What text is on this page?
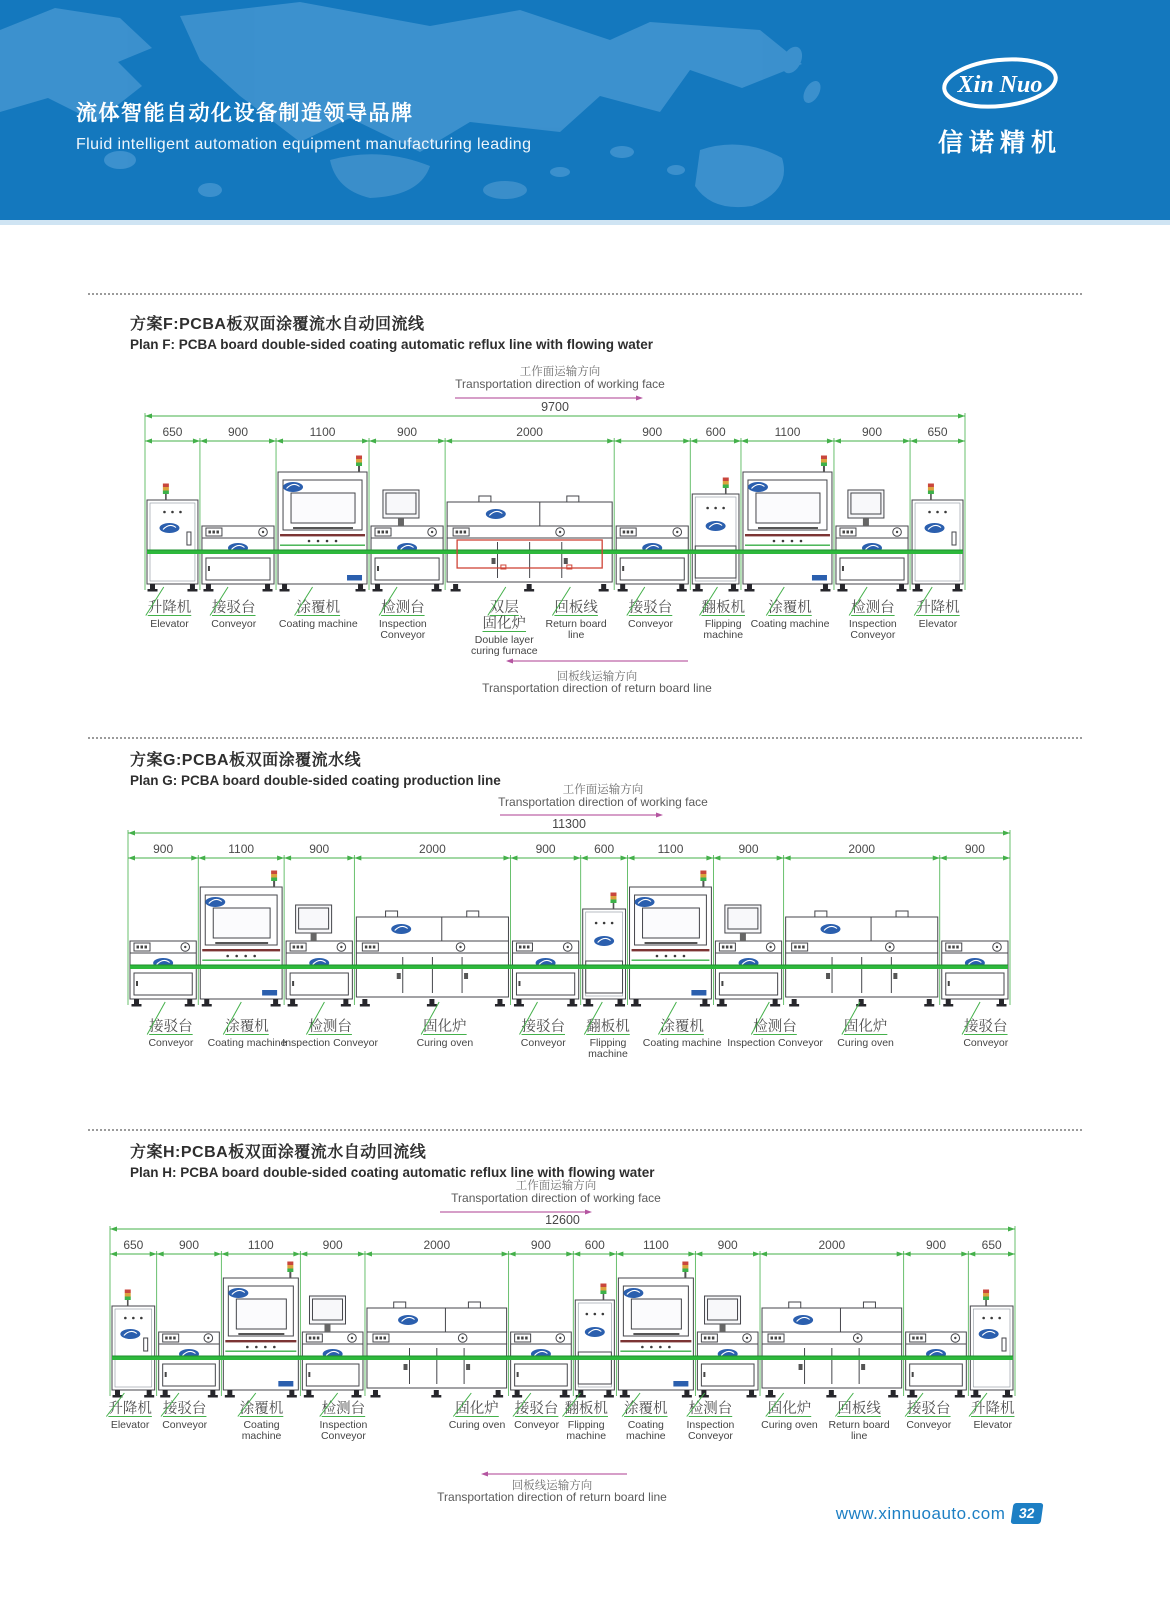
流体智能自动化设备制造领导品牌
Fluid intelligent automation equipment manufacturing leading
Xin Nuo
信诺精机
方案F:PCBA板双面涂覆流水自动回流线
Plan F: PCBA board double-sided coating automatic reflux line with flowing water
方案G:PCBA板双面涂覆流水线
Plan G: PCBA board double-sided coating production line
方案H:PCBA板双面涂覆流水自动回流线
Plan H: PCBA board double-sided coating automatic reflux line with flowing water
工作面运输方向
Transportation direction of working face
9700
650	900	1100	900	2000	900	600	1100	900	650
升降机
Elevator
接驳台
Conveyor
涂覆机
Coating machine
检测台
Inspection
Conveyor
双层
固化炉
Double layer
curing furnace
回板线
Return board
line
接驳台
Conveyor
翻板机
Flipping
machine
涂覆机
Coating machine
检测台
Inspection
Conveyor
升降机
Elevator
回板线运输方向
Transportation direction of return board line
工作面运输方向
Transportation direction of working face
11300
900	1100	900	2000	900	600	1100	900	2000	900
接驳台
Conveyor
涂覆机
Coating machine
检测台
Inspection Conveyor
固化炉
Curing oven
接驳台
Conveyor
翻板机
Flipping
machine
涂覆机
Coating machine
检测台
Inspection Conveyor
固化炉
Curing oven
接驳台
Conveyor
工作面运输方向
Transportation direction of working face
12600
650	900	1100	900	2000	900	600	1100	900	2000	900	650
升降机
Elevator
接驳台
Conveyor
涂覆机
Coating
machine
检测台
Inspection
Conveyor
固化炉
Curing oven
接驳台
Conveyor
翻板机
Flipping
machine
涂覆机
Coating
machine
检测台
Inspection
Conveyor
固化炉
Curing oven
回板线
Return board
line
接驳台
Conveyor
升降机
Elevator
回板线运输方向
Transportation direction of return board line
www.xinnuoauto.com 32
